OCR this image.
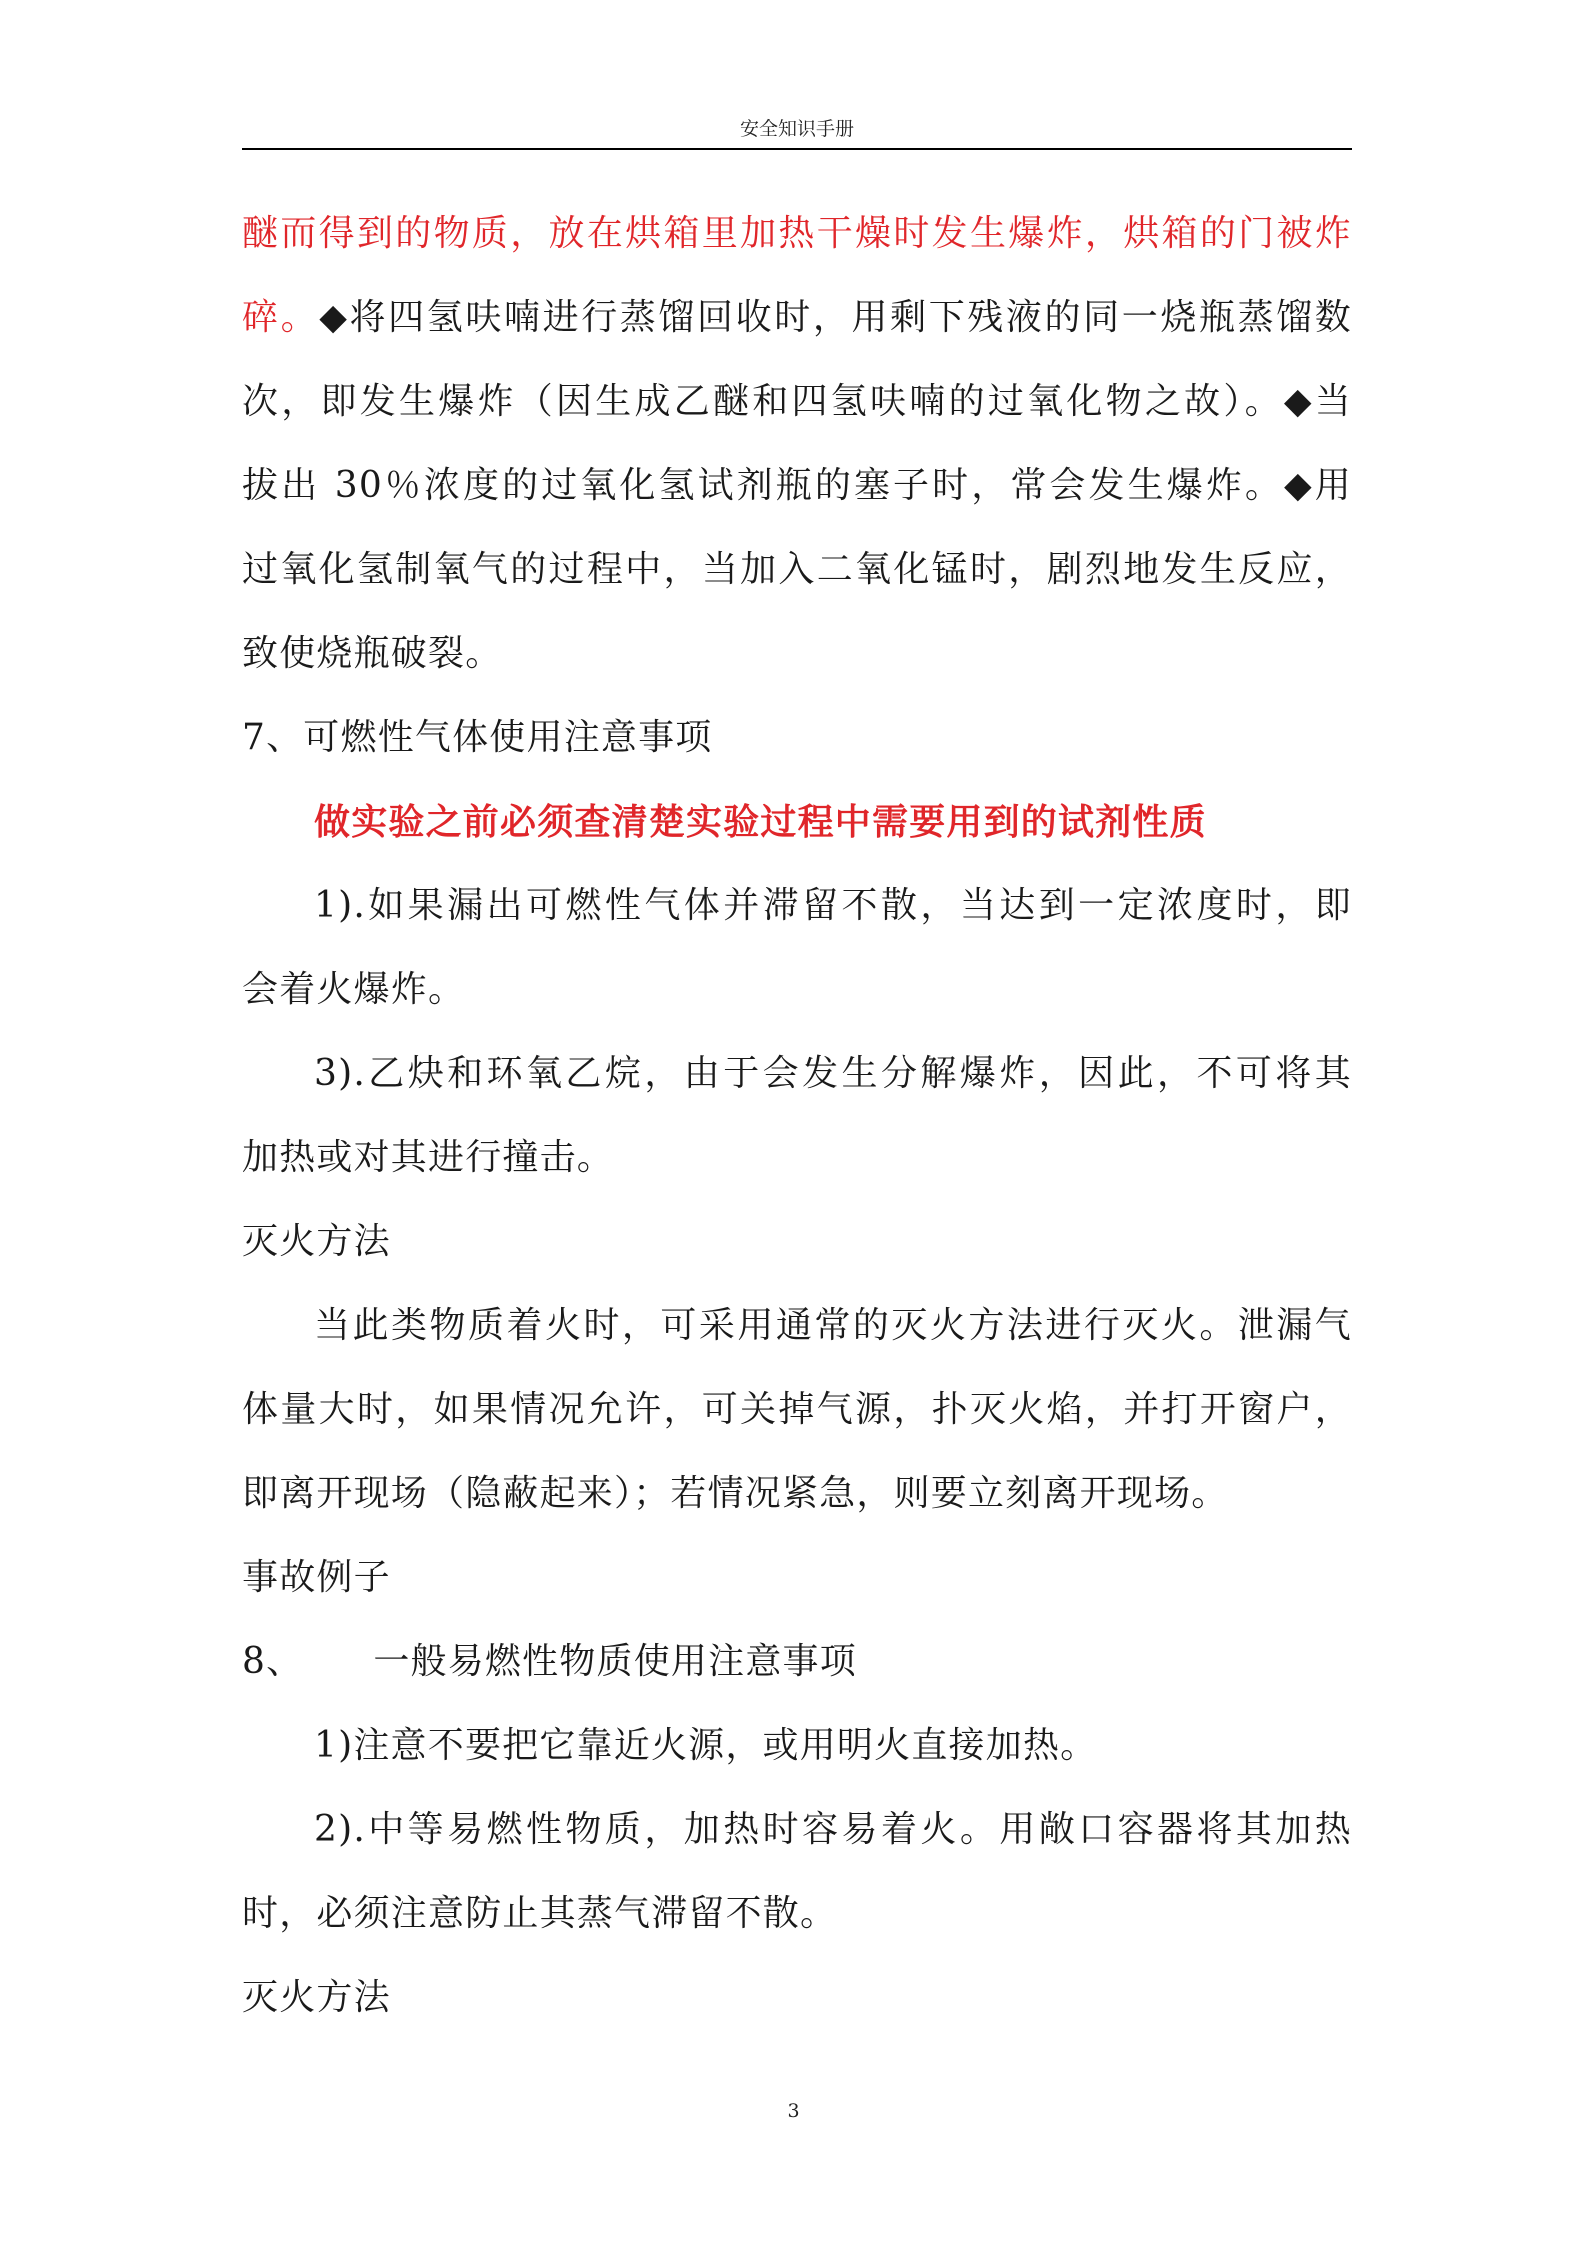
安全知识手册
醚而得到的物质，放在烘箱里加热干燥时发生爆炸，烘箱的门被炸
碎。◆将四氢呋喃进行蒸馏回收时，用剩下残液的同一烧瓶蒸馏数
次，即发生爆炸（因生成乙醚和四氢呋喃的过氧化物之故）。◆当
拔出 30％浓度的过氧化氢试剂瓶的塞子时，常会发生爆炸。◆用
过氧化氢制氧气的过程中，当加入二氧化锰时，剧烈地发生反应，
致使烧瓶破裂。
7、可燃性气体使用注意事项
做实验之前必须查清楚实验过程中需要用到的试剂性质
1).如果漏出可燃性气体并滞留不散，当达到一定浓度时，即
会着火爆炸。
3).乙炔和环氧乙烷，由于会发生分解爆炸，因此，不可将其
加热或对其进行撞击。
灭火方法
当此类物质着火时，可采用通常的灭火方法进行灭火。泄漏气
体量大时，如果情况允许，可关掉气源，扑灭火焰，并打开窗户，
即离开现场（隐蔽起来）；若情况紧急，则要立刻离开现场。
事故例子
8、 一般易燃性物质使用注意事项
1)注意不要把它靠近火源，或用明火直接加热。
2).中等易燃性物质，加热时容易着火。用敞口容器将其加热
时，必须注意防止其蒸气滞留不散。
灭火方法
3
